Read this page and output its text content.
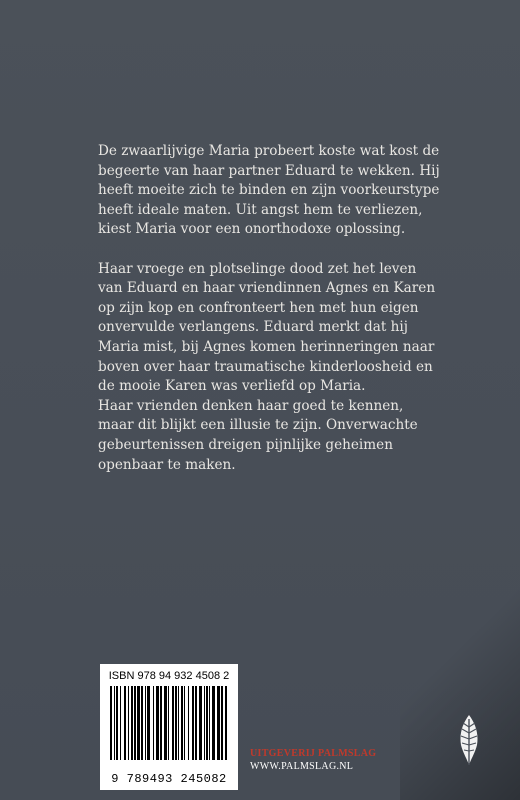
De zwaarlijvige Maria probeert koste wat kost de
begeerte van haar partner Eduard te wekken. Hij
heeft moeite zich te binden en zijn voorkeurstype
heeft ideale maten. Uit angst hem te verliezen,
kiest Maria voor een onorthodoxe oplossing.

Haar vroege en plotselinge dood zet het leven
van Eduard en haar vriendinnen Agnes en Karen
op zijn kop en confronteert hen met hun eigen
onvervulde verlangens. Eduard merkt dat hij
Maria mist, bij Agnes komen herinneringen naar
boven over haar traumatische kinderloosheid en
de mooie Karen was verliefd op Maria.
Haar vrienden denken haar goed te kennen,
maar dit blijkt een illusie te zijn. Onverwachte
gebeurtenissen dreigen pijnlijke geheimen
openbaar te maken.

ISBN 978 94 932 4508 2
9 789493 245082
UITGEVERIJ PALMSLAG
WWW.PALMSLAG.NL
